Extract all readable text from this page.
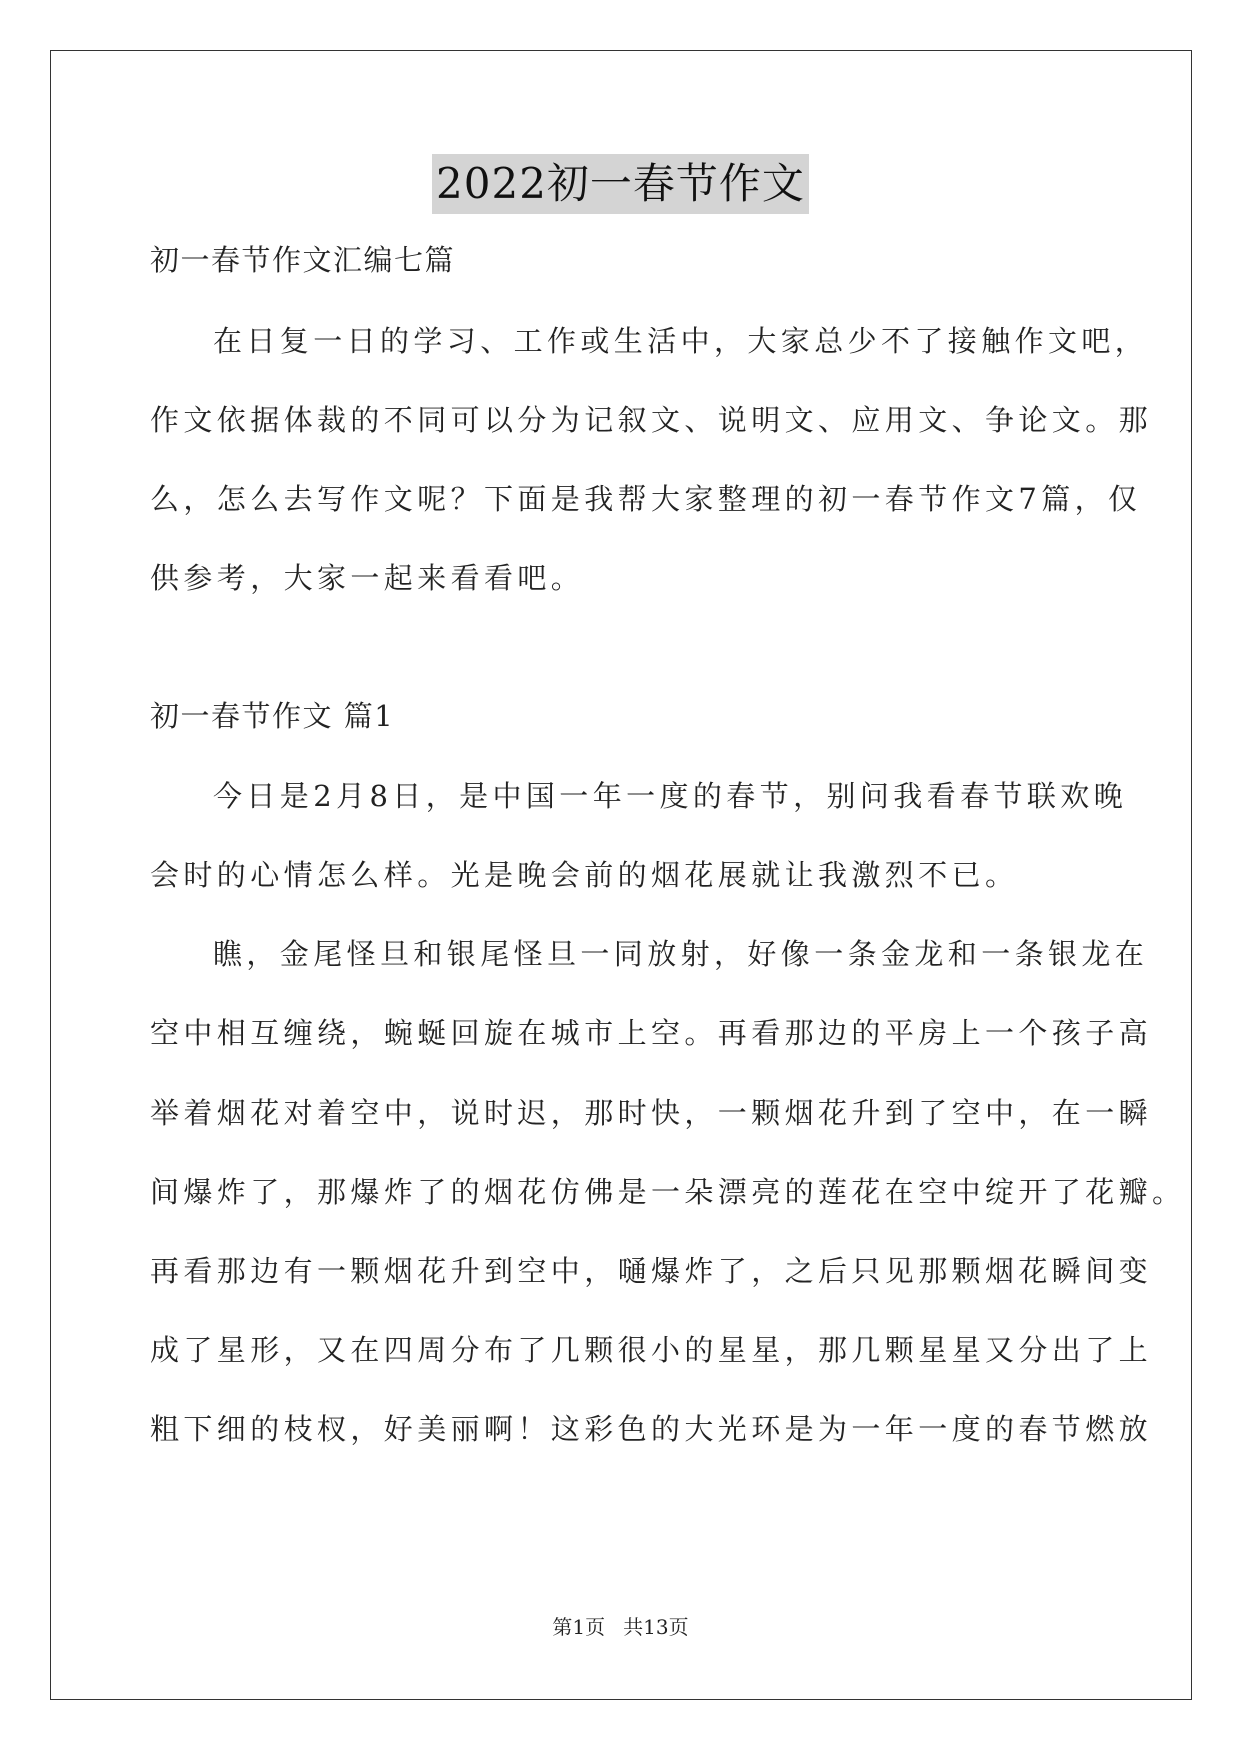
2022初一春节作文
初一春节作文汇编七篇
在日复一日的学习、工作或生活中，大家总少不了接触作文吧，
作文依据体裁的不同可以分为记叙文、说明文、应用文、争论文。那
么，怎么去写作文呢？下面是我帮大家整理的初一春节作文7篇，仅
供参考，大家一起来看看吧。
初一春节作文 篇1
今日是2月8日，是中国一年一度的春节，别问我看春节联欢晚
会时的心情怎么样。光是晚会前的烟花展就让我激烈不已。
瞧，金尾怪旦和银尾怪旦一同放射，好像一条金龙和一条银龙在
空中相互缠绕，蜿蜒回旋在城市上空。再看那边的平房上一个孩子高
举着烟花对着空中，说时迟，那时快，一颗烟花升到了空中，在一瞬
间爆炸了，那爆炸了的烟花仿佛是一朵漂亮的莲花在空中绽开了花瓣。
再看那边有一颗烟花升到空中，嗵爆炸了，之后只见那颗烟花瞬间变
成了星形，又在四周分布了几颗很小的星星，那几颗星星又分出了上
粗下细的枝杈，好美丽啊！这彩色的大光环是为一年一度的春节燃放
第1页 共13页
